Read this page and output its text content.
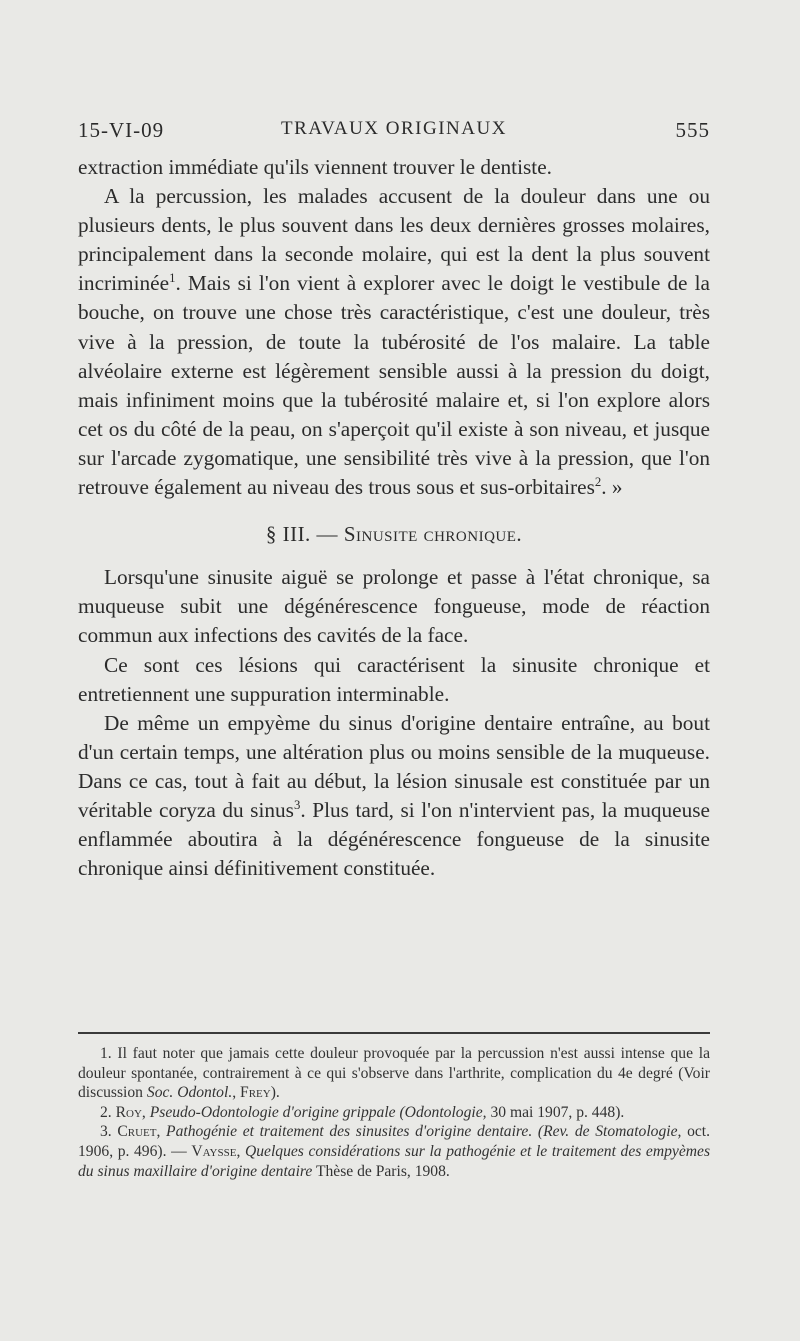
15-VI-09	TRAVAUX ORIGINAUX	555

extraction immédiate qu'ils viennent trouver le dentiste.

A la percussion, les malades accusent de la douleur dans une ou plusieurs dents, le plus souvent dans les deux dernières grosses molaires, principalement dans la seconde molaire, qui est la dent la plus souvent incriminée$^1$. Mais si l'on vient à explorer avec le doigt le vestibule de la bouche, on trouve une chose très caractéristique, c'est une douleur, très vive à la pression, de toute la tubérosité de l'os malaire. La table alvéolaire externe est légèrement sensible aussi à la pression du doigt, mais infiniment moins que la tubérosité malaire et, si l'on explore alors cet os du côté de la peau, on s'aperçoit qu'il existe à son niveau, et jusque sur l'arcade zygomatique, une sensibilité très vive à la pression, que l'on retrouve également au niveau des trous sous et sus-orbitaires$^2$. »

§ III. — Sinusite chronique.

Lorsqu'une sinusite aiguë se prolonge et passe à l'état chronique, sa muqueuse subit une dégénérescence fongueuse, mode de réaction commun aux infections des cavités de la face.

Ce sont ces lésions qui caractérisent la sinusite chronique et entretiennent une suppuration interminable.

De même un empyème du sinus d'origine dentaire entraîne, au bout d'un certain temps, une altération plus ou moins sensible de la muqueuse. Dans ce cas, tout à fait au début, la lésion sinusale est constituée par un véritable coryza du sinus$^3$. Plus tard, si l'on n'intervient pas, la muqueuse enflammée aboutira à la dégénérescence fongueuse de la sinusite chronique ainsi définitivement constituée.

1. Il faut noter que jamais cette douleur provoquée par la percussion n'est aussi intense que la douleur spontanée, contrairement à ce qui s'observe dans l'arthrite, complication du 4e degré (Voir discussion Soc. Odontol., Frey).

2. Roy, Pseudo-Odontologie d'origine grippale (Odontologie, 30 mai 1907, p. 448).

3. Cruet, Pathogénie et traitement des sinusites d'origine dentaire. (Rev. de Stomatologie, oct. 1906, p. 496). — Vaysse, Quelques considérations sur la pathogénie et le traitement des empyèmes du sinus maxillaire d'origine dentaire Thèse de Paris, 1908.
